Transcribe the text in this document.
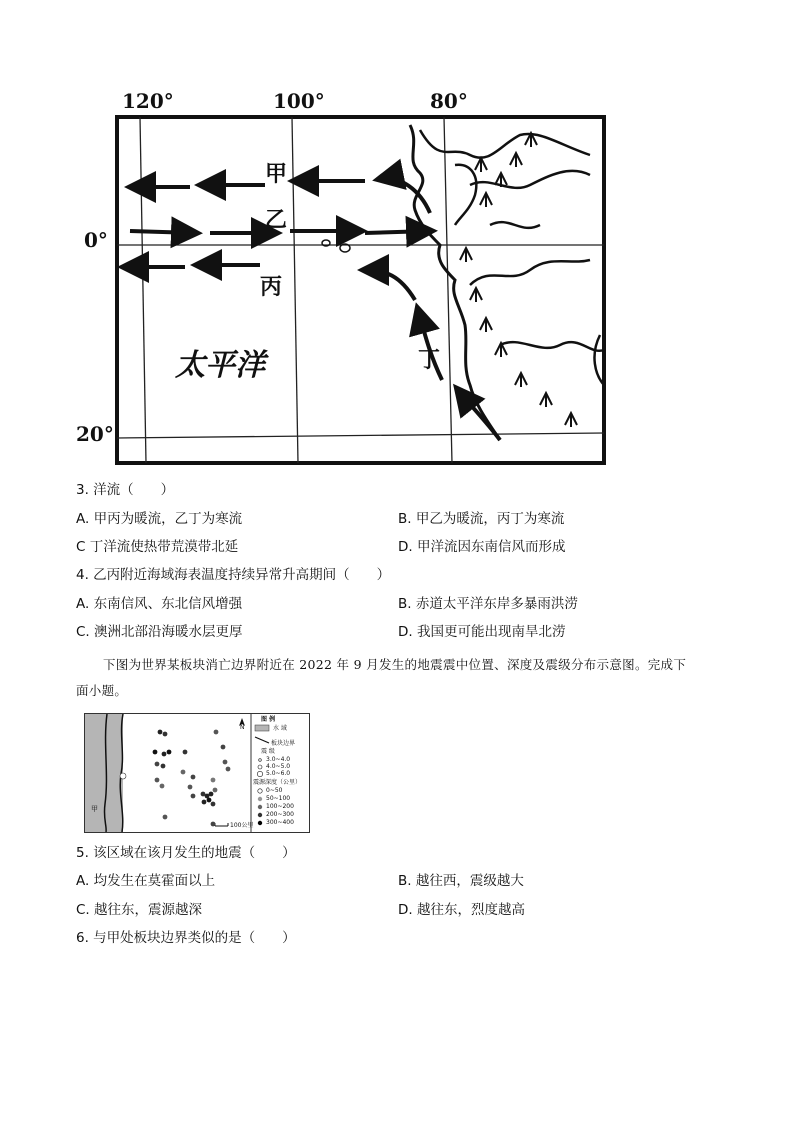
120°	100°	80°
0°
20°
甲
乙
丙
丁
太平洋
3. 洋流（　　）
A. 甲丙为暖流，乙丁为寒流	B. 甲乙为暖流，丙丁为寒流
C 丁洋流使热带荒漠带北延	D. 甲洋流因东南信风而形成
4. 乙丙附近海域海表温度持续异常升高期间（　　）
A. 东南信风、东北信风增强	B. 赤道太平洋东岸多暴雨洪涝
C. 澳洲北部沿海暖水层更厚	D. 我国更可能出现南旱北涝
下图为世界某板块消亡边界附近在 2022 年 9 月发生的地震震中位置、深度及震级分布示意图。完成下
面小题。
甲
N
100公里
图 例
水 域
板块边界
震 级
3.0~4.0
4.0~5.0
5.0~6.0
震源深度（公里）
0~50
50~100
100~200
200~300
300~400
5. 该区域在该月发生的地震（　　）
A. 均发生在莫霍面以上	B. 越往西，震级越大
C. 越往东，震源越深	D. 越往东，烈度越高
6. 与甲处板块边界类似的是（　　）
